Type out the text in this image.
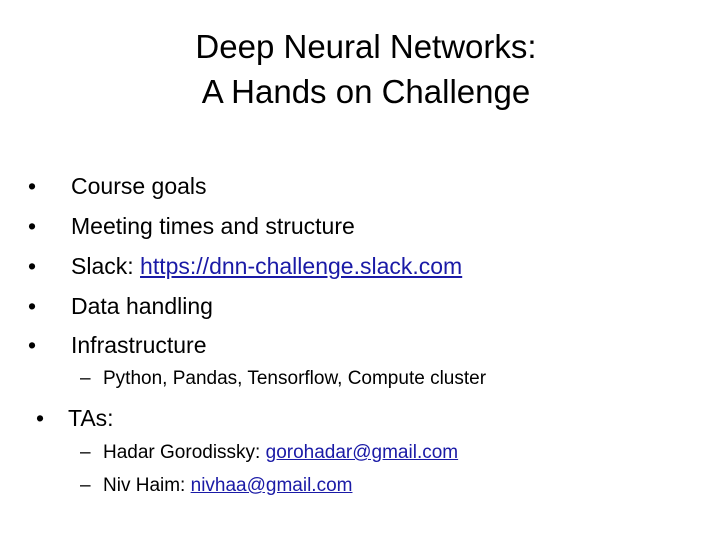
Deep Neural Networks:
A Hands on Challenge
• Course goals
• Meeting times and structure
• Slack: https://dnn-challenge.slack.com
• Data handling
• Infrastructure
– Python, Pandas, Tensorflow, Compute cluster
• TAs:
– Hadar Gorodissky: gorohadar@gmail.com
– Niv Haim: nivhaa@gmail.com
